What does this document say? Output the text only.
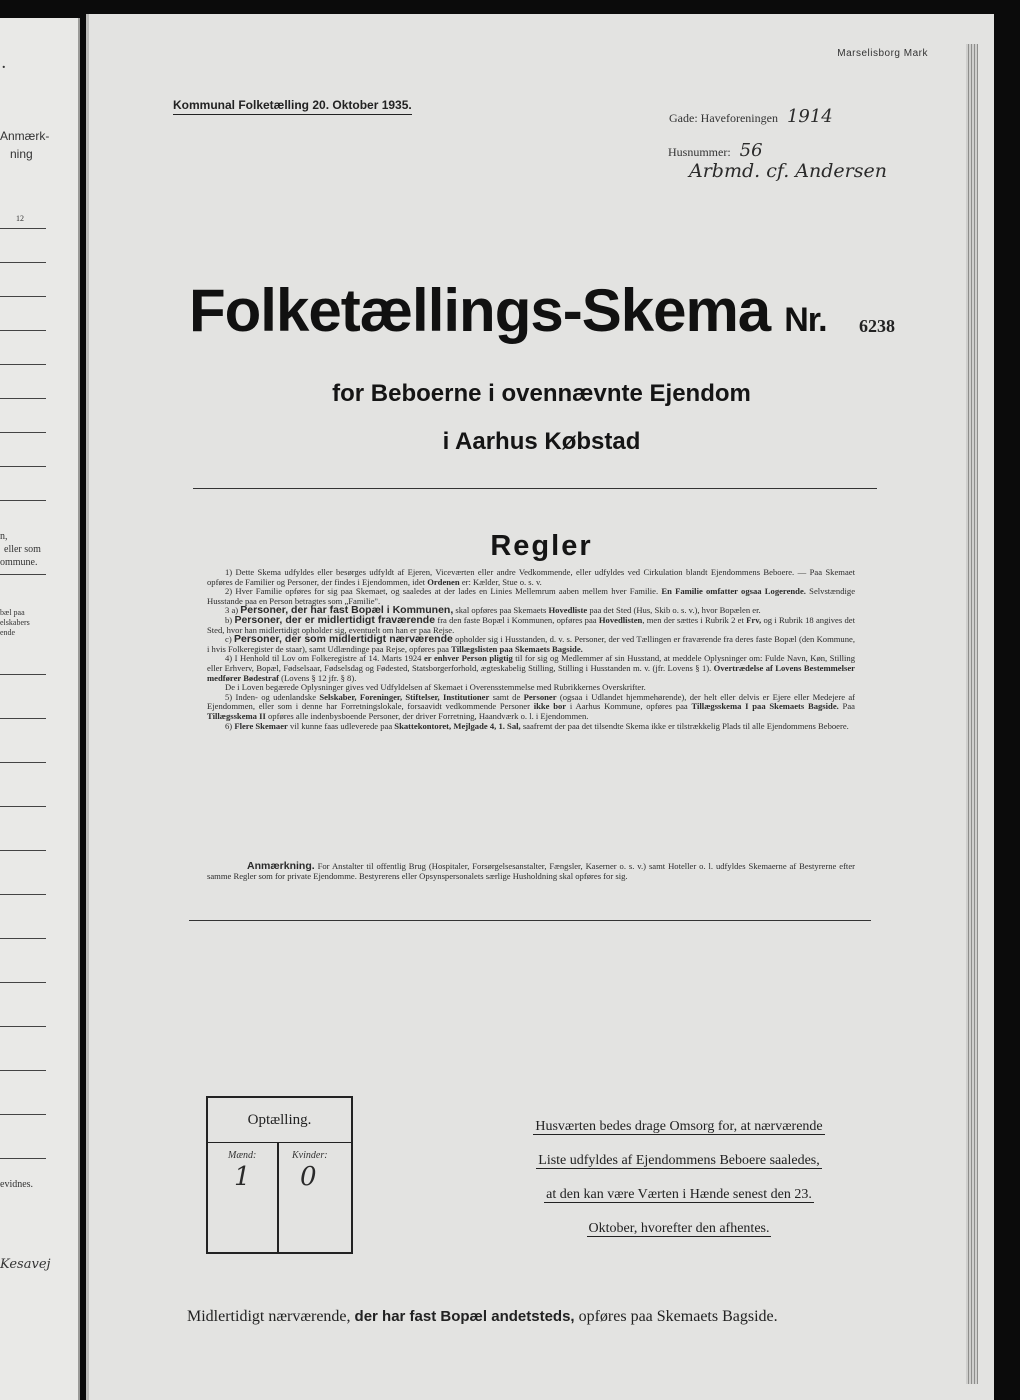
.
Anmærk-
ning
12
n,
eller som
ommune.
bæl paa
elskabers
ende
evidnes.
Kesavej
Marselisborg Mark
Kommunal Folketælling 20. Oktober 1935.
Gade: Haveforeningen 1914
Husnummer: 56
Arbmd. cf. Andersen
Folketællings-Skema Nr.	6238
for Beboerne i ovennævnte Ejendom
i Aarhus Købstad
Regler

1) Dette Skema udfyldes eller besørges udfyldt af Ejeren, Viceværten eller andre Vedkommende, eller udfyldes ved Cirkulation blandt Ejendommens Beboere. — Paa Skemaet opføres de Familier og Personer, der findes i Ejendommen, idet Ordenen er: Kælder, Stue o. s. v.

2) Hver Familie opføres for sig paa Skemaet, og saaledes at der lades en Linies Mellemrum aaben mellem hver Familie. En Familie omfatter ogsaa Logerende. Selvstændige Husstande paa en Person betragtes som „Familie".

3 a) Personer, der har fast Bopæl i Kommunen, skal opføres paa Skemaets Hovedliste paa det Sted (Hus, Skib o. s. v.), hvor Bopælen er.

b) Personer, der er midlertidigt fraværende fra den faste Bopæl i Kommunen, opføres paa Hovedlisten, men der sættes i Rubrik 2 et Frv, og i Rubrik 18 angives det Sted, hvor han midlertidigt opholder sig, eventuelt om han er paa Rejse.

c) Personer, der som midlertidigt nærværende opholder sig i Husstanden, d. v. s. Personer, der ved Tællingen er fraværende fra deres faste Bopæl (den Kommune, i hvis Folkeregister de staar), samt Udlændinge paa Rejse, opføres paa Tillægslisten paa Skemaets Bagside.

4) I Henhold til Lov om Folkeregistre af 14. Marts 1924 er enhver Person pligtig til for sig og Medlemmer af sin Husstand, at meddele Oplysninger om: Fulde Navn, Køn, Stilling eller Erhverv, Bopæl, Fødselsaar, Fødselsdag og Fødested, Statsborgerforhold, ægteskabelig Stilling, Stilling i Husstanden m. v. (jfr. Lovens § 1). Overtrædelse af Lovens Bestemmelser medfører Bødestraf (Lovens § 12 jfr. § 8).

De i Loven begærede Oplysninger gives ved Udfyldelsen af Skemaet i Overensstemmelse med Rubrikkernes Overskrifter.

5) Inden- og udenlandske Selskaber, Foreninger, Stiftelser, Institutioner samt de Personer (ogsaa i Udlandet hjemmehørende), der helt eller delvis er Ejere eller Medejere af Ejendommen, eller som i denne har Forretningslokale, forsaavidt vedkommende Personer ikke bor i Aarhus Kommune, opføres paa Tillægsskema I paa Skemaets Bagside. Paa Tillægsskema II opføres alle indenbysboende Personer, der driver Forretning, Haandværk o. l. i Ejendommen.

6) Flere Skemaer vil kunne faas udleverede paa Skattekontoret, Mejlgade 4, 1. Sal, saafremt der paa det tilsendte Skema ikke er tilstrækkelig Plads til alle Ejendommens Beboere.

Anmærkning. For Anstalter til offentlig Brug (Hospitaler, Forsørgelsesanstalter, Fængsler, Kaserner o. s. v.) samt Hoteller o. l. udfyldes Skemaerne af Bestyrerne efter samme Regler som for private Ejendomme. Bestyrerens eller Opsynspersonalets særlige Husholdning skal opføres for sig.

Optælling.
Mænd:	Kvinder:
1 0
Husværten bedes drage Omsorg for, at nærværende
Liste udfyldes af Ejendommens Beboere saaledes,
at den kan være Værten i Hænde senest den 23.
Oktober, hvorefter den afhentes.
Midlertidigt nærværende, der har fast Bopæl andetsteds, opføres paa Skemaets Bagside.
